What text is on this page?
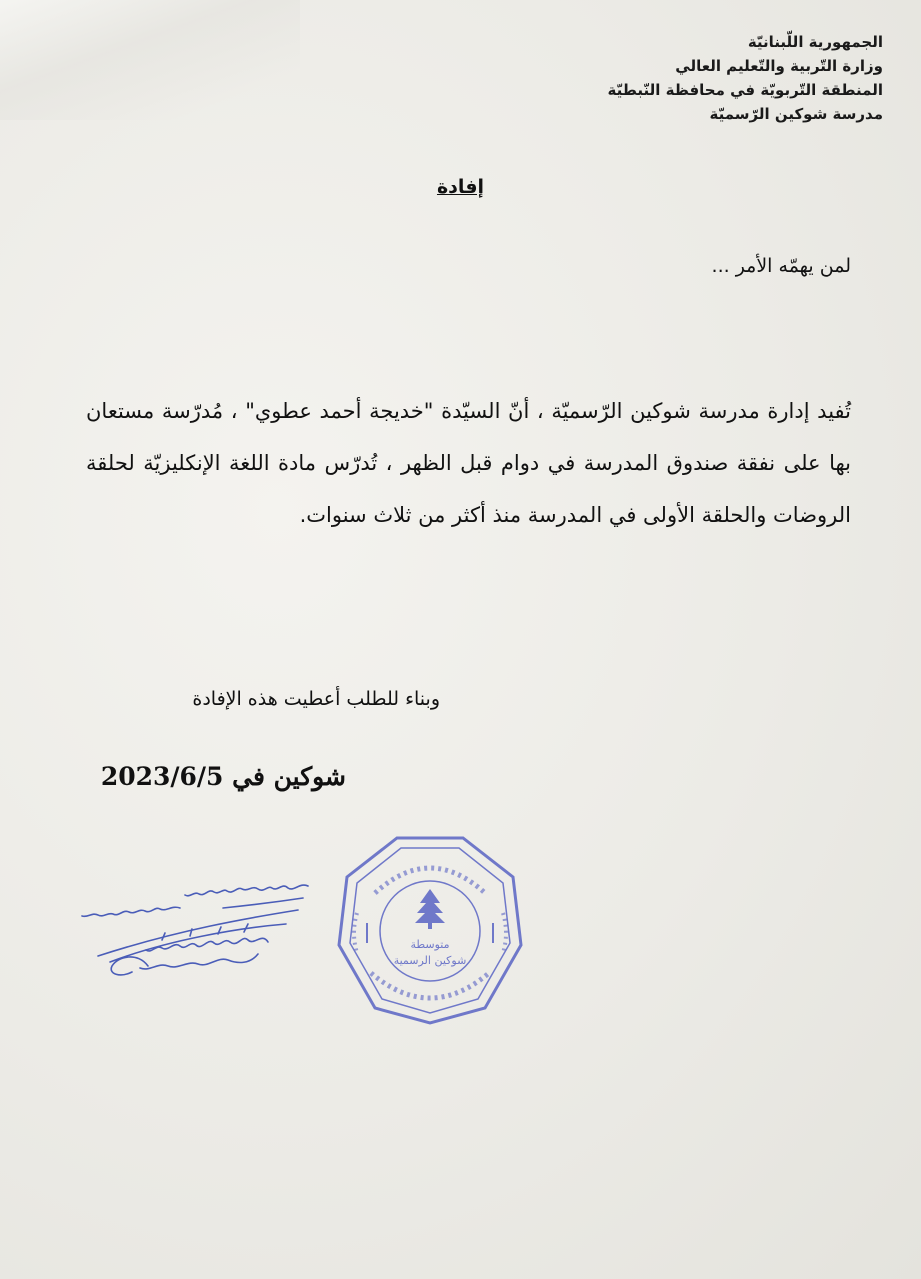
الجمهورية اللّبنانيّة
وزارة التّربية والتّعليم العالي
المنطقة التّربويّة في محافظة النّبطيّة
مدرسة شوكين الرّسميّة
إفادة
لمن يهمّه الأمر ...

تُفيد إدارة مدرسة شوكين الرّسميّة ، أنّ السيّدة "خديجة أحمد عطوي" ، مُدرّسة مستعان بها على نفقة صندوق المدرسة في دوام قبل الظهر ، تُدرّس مادة اللغة الإنكليزيّة لحلقة الروضات والحلقة الأولى في المدرسة منذ أكثر من ثلاث سنوات.

وبناء للطلب أعطيت هذه الإفادة
شوكين في 2023/6/5
متوسطة
شوكين الرسمية
